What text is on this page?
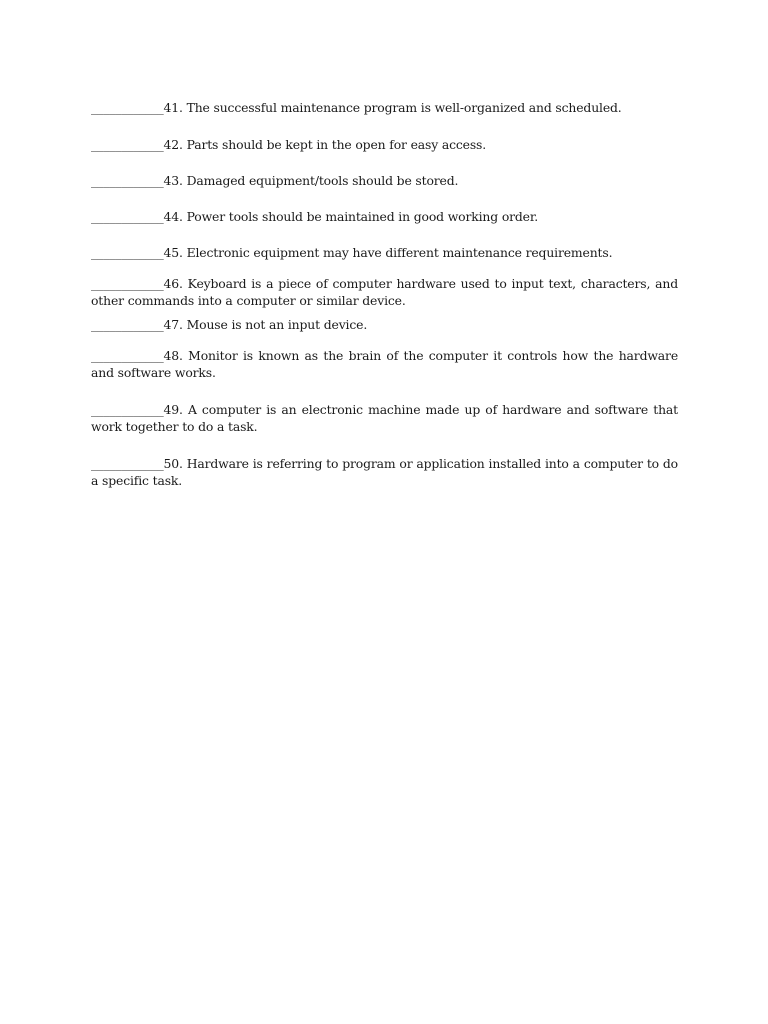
____________41. The successful maintenance program is well-organized and scheduled.

____________42. Parts should be kept in the open for easy access.

____________43. Damaged equipment/tools should be stored.

____________44. Power tools should be maintained in good working order.

____________45. Electronic equipment may have different maintenance requirements.

____________46. Keyboard is a piece of computer hardware used to input text, characters, and other commands into a computer or similar device.

____________47. Mouse is not an input device.

____________48. Monitor is known as the brain of the computer it controls how the hardware and software works.

____________49. A computer is an electronic machine made up of hardware and software that work together to do a task.

____________50. Hardware is referring to program or application installed into a computer to do a specific task.
